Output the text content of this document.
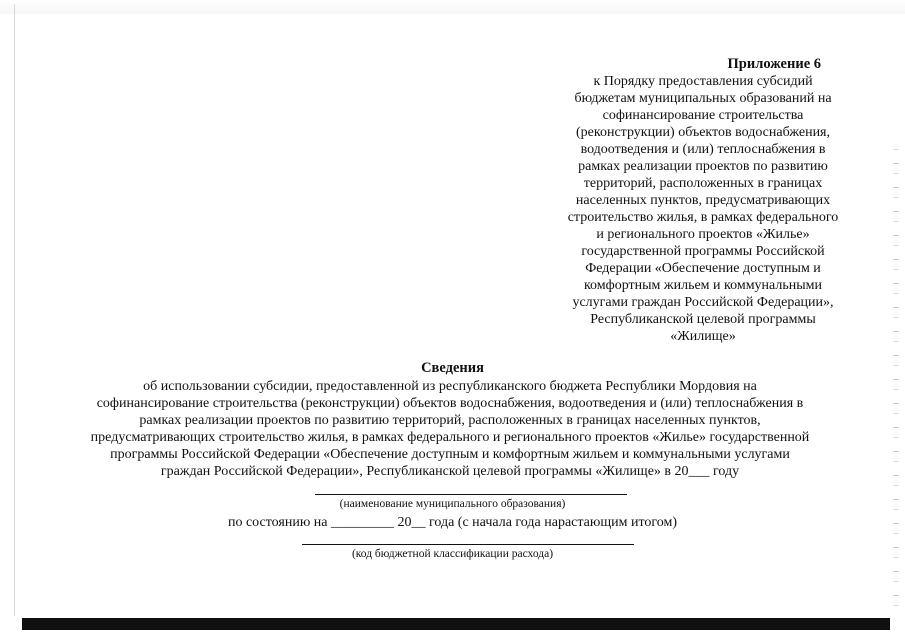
Приложение 6
к Порядку предоставления субсидий
бюджетам муниципальных образований на
софинансирование строительства
(реконструкции) объектов водоснабжения,
водоотведения и (или) теплоснабжения в
рамках реализации проектов по развитию
территорий, расположенных в границах
населенных пунктов, предусматривающих
строительство жилья, в рамках федерального
и регионального проектов «Жилье»
государственной программы Российской
Федерации «Обеспечение доступным и
комфортным жильем и коммунальными
услугами граждан Российской Федерации»,
Республиканской целевой программы
«Жилище»
Сведения
об использовании субсидии, предоставленной из республиканского бюджета Республики Мордовия на
софинансирование строительства (реконструкции) объектов водоснабжения, водоотведения и (или) теплоснабжения в
рамках реализации проектов по развитию территорий, расположенных в границах населенных пунктов,
предусматривающих строительство жилья, в рамках федерального и регионального проектов «Жилье» государственной
программы Российской Федерации «Обеспечение доступным и комфортным жильем и коммунальными услугами
граждан Российской Федерации», Республиканской целевой программы «Жилище» в 20___ году
(наименование муниципального образования)
по состоянию на _________ 20__ года (с начала года нарастающим итогом)
(код бюджетной классификации расхода)
